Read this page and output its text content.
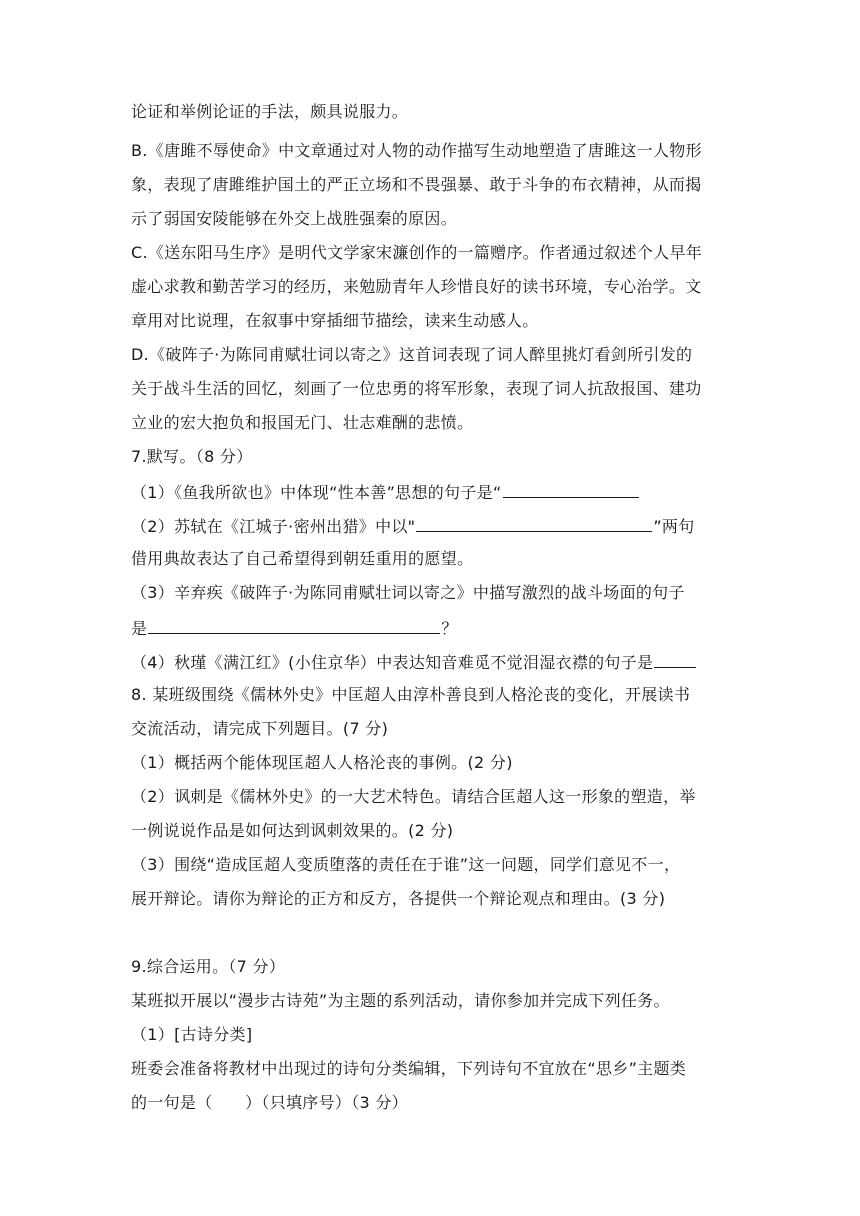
论证和举例论证的手法，颇具说服力。
B.《唐雎不辱使命》中文章通过对人物的动作描写生动地塑造了唐雎这一人物形
象，表现了唐雎维护国土的严正立场和不畏强暴、敢于斗争的布衣精神，从而揭
示了弱国安陵能够在外交上战胜强秦的原因。
C.《送东阳马生序》是明代文学家宋濂创作的一篇赠序。作者通过叙述个人早年
虚心求教和勤苦学习的经历，来勉励青年人珍惜良好的读书环境，专心治学。文
章用对比说理，在叙事中穿插细节描绘，读来生动感人。
D.《破阵子·为陈同甫赋壮词以寄之》这首词表现了词人醉里挑灯看剑所引发的
关于战斗生活的回忆，刻画了一位忠勇的将军形象，表现了词人抗敌报国、建功
立业的宏大抱负和报国无门、壮志难酬的悲愤。
7.默写。（8 分）
（1）《鱼我所欲也》中体现“性本善”思想的句子是“
（2）苏轼在《江城子·密州出猎》中以"	”两句
借用典故表达了自己希望得到朝廷重用的愿望。
（3）辛弃疾《破阵子·为陈同甫赋壮词以寄之》中描写激烈的战斗场面的句子
是	？
（4）秋瑾《满江红》(小住京华）中表达知音难觅不觉泪湿衣襟的句子是
8. 某班级围绕《儒林外史》中匡超人由淳朴善良到人格沦丧的变化，开展读书
交流活动，请完成下列题目。(7 分)
（1）概括两个能体现匡超人人格沦丧的事例。(2 分)
（2）讽刺是《儒林外史》的一大艺术特色。请结合匡超人这一形象的塑造，举
一例说说作品是如何达到讽刺效果的。(2 分)
（3）围绕“造成匡超人变质堕落的责任在于谁”这一问题，同学们意见不一，
展开辩论。请你为辩论的正方和反方，各提供一个辩论观点和理由。(3 分)
9.综合运用。（7 分）
某班拟开展以“漫步古诗苑”为主题的系列活动，请你参加并完成下列任务。
（1）[古诗分类]
班委会准备将教材中出现过的诗句分类编辑，下列诗句不宜放在“思乡”主题类
的一句是（　　）（只填序号）（3 分）
